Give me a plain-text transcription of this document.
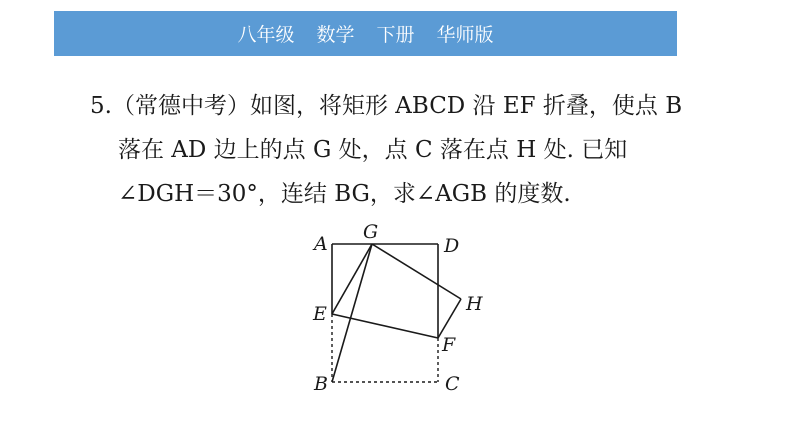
八年级 数学 下册 华师版
5.（常德中考）如图，将矩形 ABCD 沿 EF 折叠，使点 B
落在 AD 边上的点 G 处，点 C 落在点 H 处. 已知
∠DGH＝30°，连结 BG，求∠AGB 的度数.
A
G
D
E	H
F
B	C
